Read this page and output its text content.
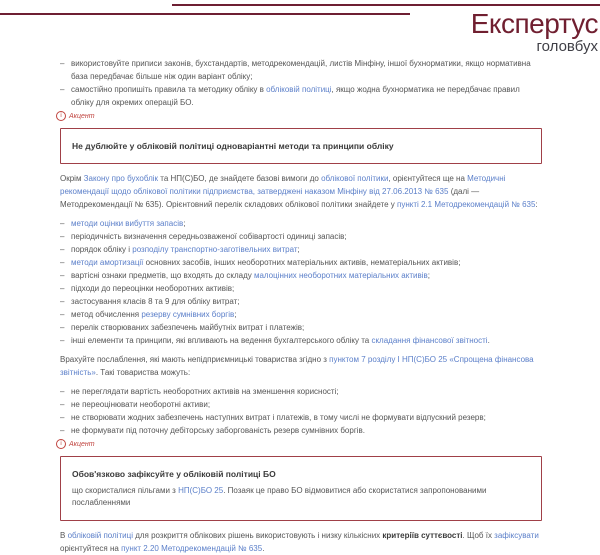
Експертус
головбух
– використовуйте приписи законів, бухстандартів, методрекомендацій, листів Мінфіну, іншої бухнорматики, якщо нормативна база передбачає більше ніж один варіант обліку;
– самостійно пропишіть правила та методику обліку в обліковій політиці, якщо жодна бухнорматика не передбачає правил обліку для окремих операцій БО.
і	Акцент
Не дублюйте у обліковій політиці одноваріантні методи та принципи обліку
Окрім Закону про бухоблік та НП(С)БО, де знайдете базові вимоги до облікової політики, орієнтуйтеся ще на Методичні рекомендації щодо облікової політики підприємства, затверджені наказом Мінфіну від 27.06.2013 № 635 (далі —Методрекомендації № 635). Орієнтовний перелік складових облікової політики знайдете у пункті 2.1 Методрекомендацій № 635:
– методи оцінки вибуття запасів;
– періодичність визначення середньозваженої собівартості одиниці запасів;
– порядок обліку і розподілу транспортно-заготівельних витрат;
– методи амортизації основних засобів, інших необоротних матеріальних активів, нематеріальних активів;
– вартісні ознаки предметів, що входять до складу малоцінних необоротних матеріальних активів;
– підходи до переоцінки необоротних активів;
– застосування класів 8 та 9 для обліку витрат;
– метод обчислення резерву сумнівних боргів;
– перелік створюваних забезпечень майбутніх витрат і платежів;
– інші елементи та принципи, які впливають на ведення бухгалтерського обліку та складання фінансової звітності.
Врахуйте послаблення, які мають непідприємницькі товариства згідно з пунктом 7 розділу І НП(С)БО 25 «Спрощена фінансова звітність». Такі товариства можуть:
– не переглядати вартість необоротних активів на зменшення корисності;
– не переоцінювати необоротні активи;
– не створювати жодних забезпечень наступних витрат і платежів, в тому числі не формувати відпускний резерв;
– не формувати під поточну дебіторську заборгованість резерв сумнівних боргів.
і	Акцент
Обов'язково зафіксуйте у обліковій політиці БО
що скористалися пільгами з НП(С)БО 25. Позаяк це право БО відмовитися або скористатися запропонованими послабленнями
В обліковій політиці для розкриття облікових рішень використовують і низку кількісних критеріїв суттєвості. Щоб їх зафіксувати орієнтуйтеся на пункт 2.20 Методрекомендацій № 635.
